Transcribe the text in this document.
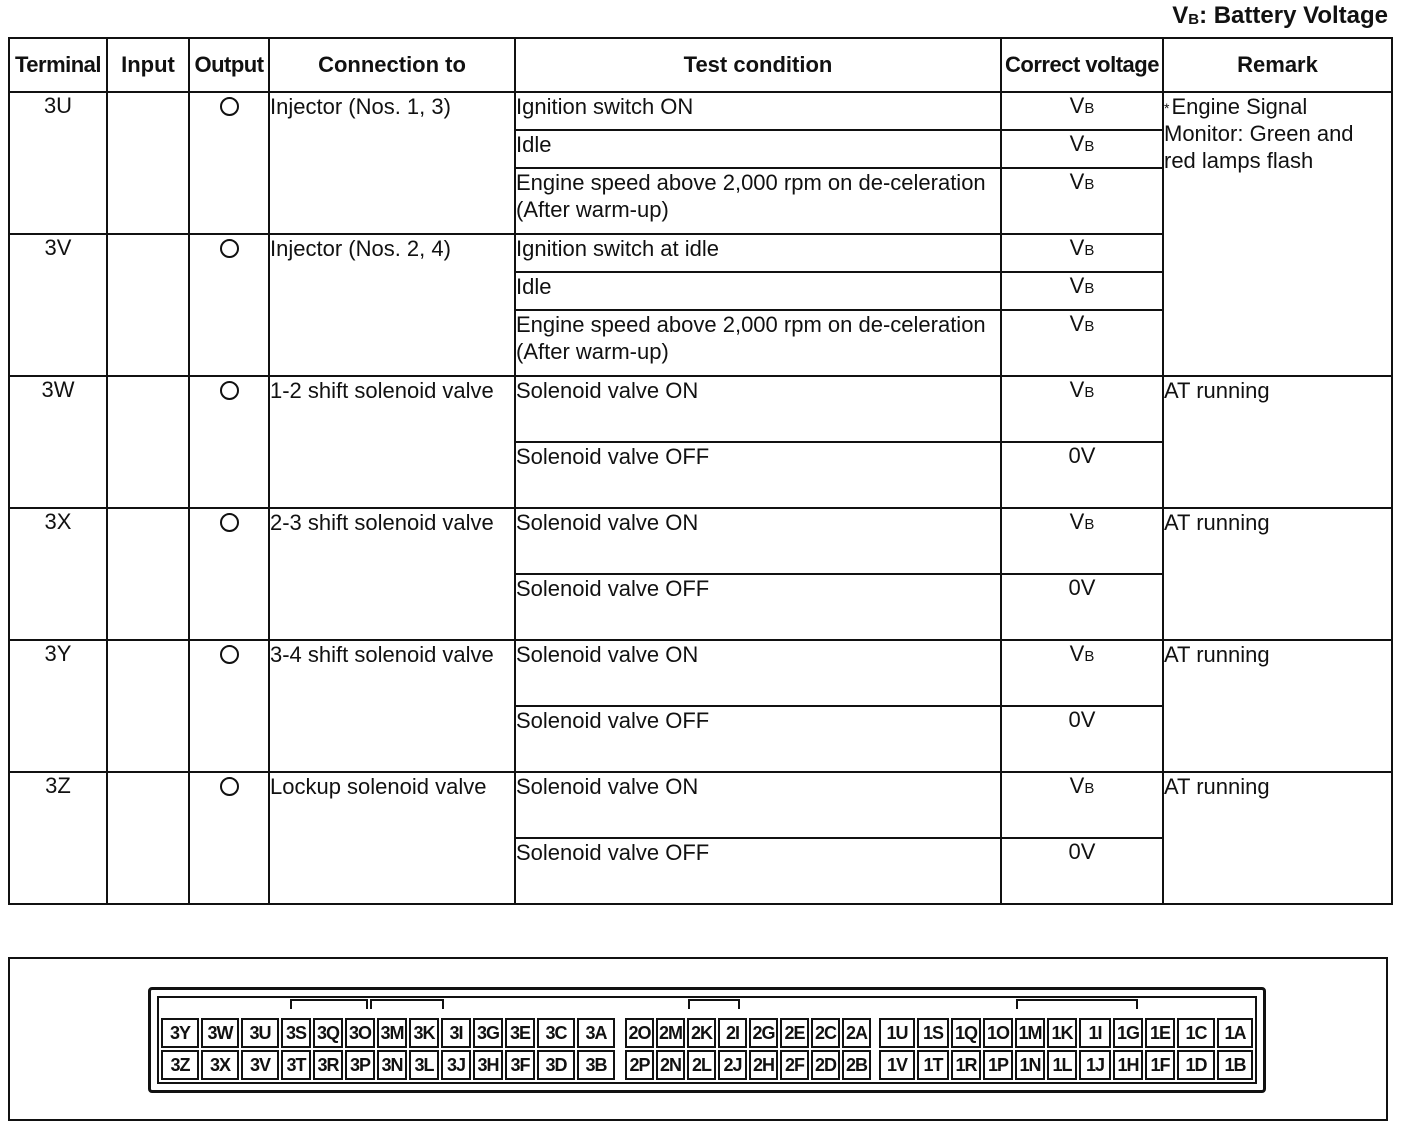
$V_B$: Battery Voltage
Terminal	Input	Output	Connection to	Test condition	Correct voltage	Remark
3U			Injector (Nos. 1, 3)	Ignition switch ON	VB	*Engine Signal Monitor: Green and red lamps flash
				Idle	VB	
				Engine speed above 2,000 rpm on de-celeration (After warm-up)	VB	
3V			Injector (Nos. 2, 4)	Ignition switch at idle	VB	
				Idle	VB	
				Engine speed above 2,000 rpm on de-celeration (After warm-up)	VB	
3W			1-2 shift solenoid valve	Solenoid valve ON	VB	AT running
				Solenoid valve OFF	0V	
3X			2-3 shift solenoid valve	Solenoid valve ON	VB	AT running
				Solenoid valve OFF	0V	
3Y			3-4 shift solenoid valve	Solenoid valve ON	VB	AT running
				Solenoid valve OFF	0V	
3Z			Lockup solenoid valve	Solenoid valve ON	VB	AT running
				Solenoid valve OFF	0V	
3Y 3W 3U 3S 3Q 3O 3M 3K 3I 3G 3E 3C	3A
3Z	3X	3V 3T 3R 3P 3N 3L 3J 3H 3F 3D	3B
2O 2M 2K 2I 2G 2E 2C 2A
2P 2N 2L 2J 2H 2F 2D 2B
1U 1S 1Q 1O 1M 1K 1I 1G 1E 1C 1A
1V 1T 1R 1P 1N 1L 1J 1H 1F 1D 1B
